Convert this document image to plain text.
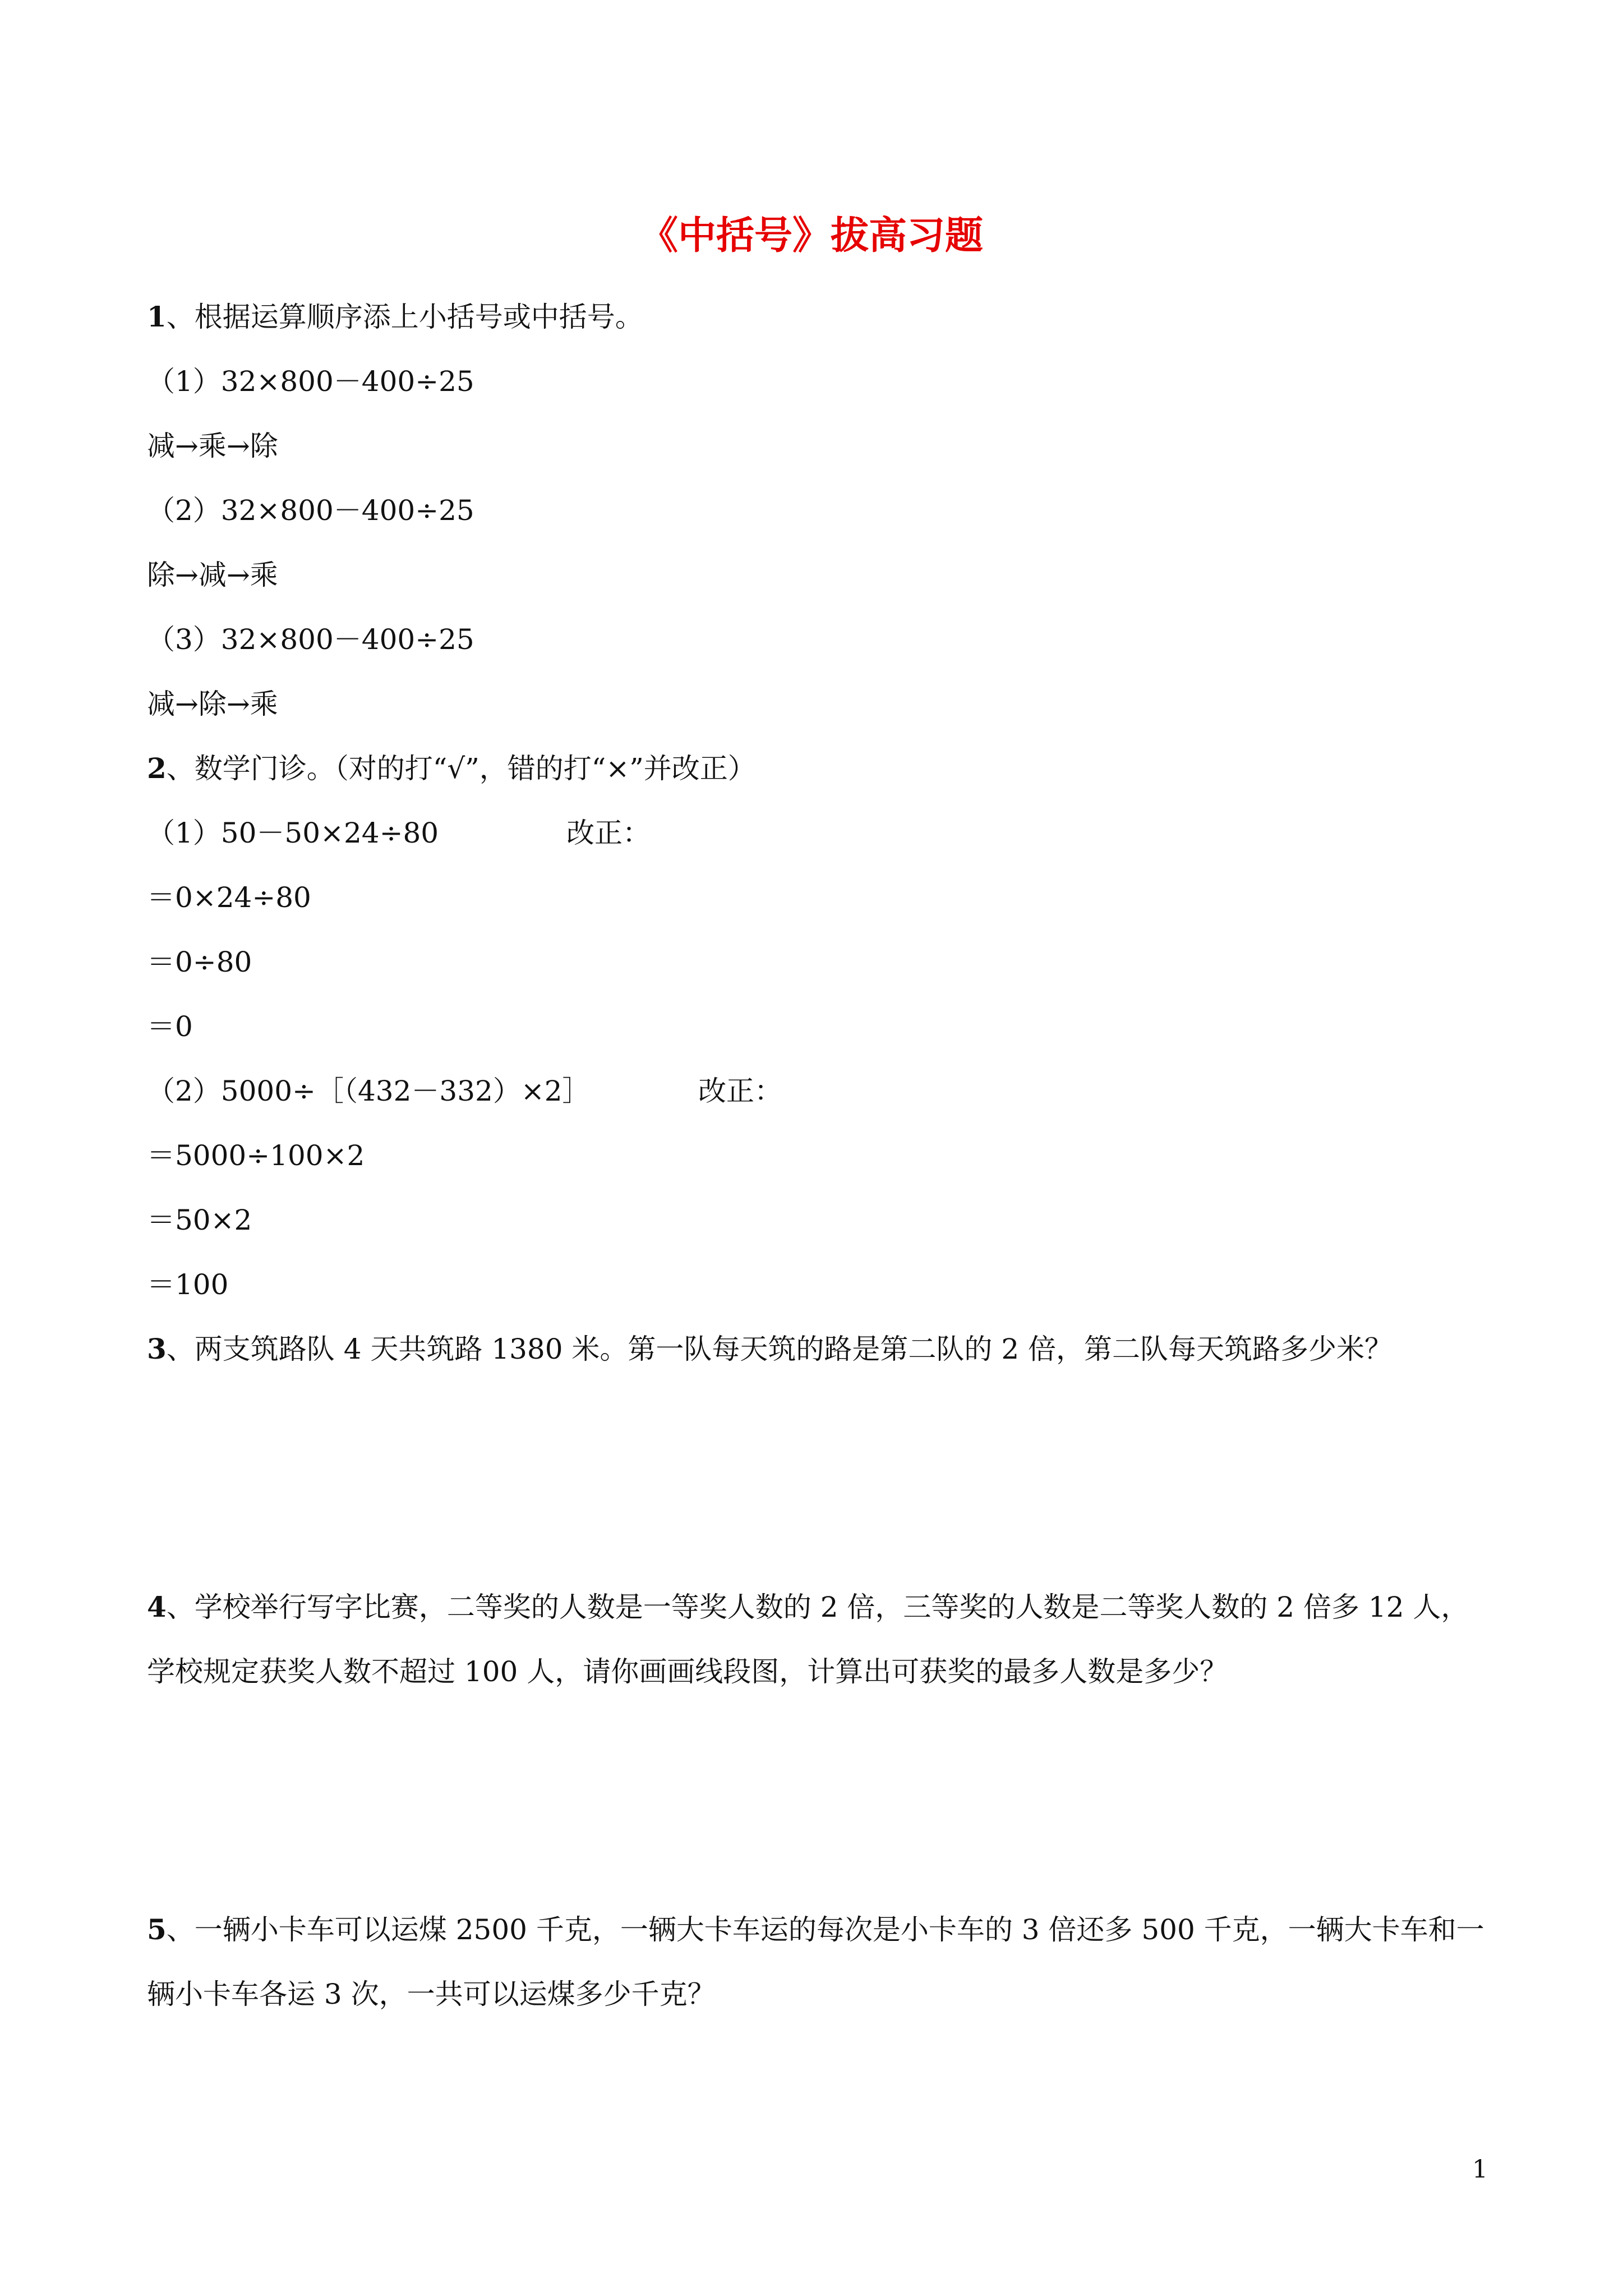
《中括号》拔高习题
1、根据运算顺序添上小括号或中括号。
（1）32×800－400÷25
减→乘→除
（2）32×800－400÷25
除→减→乘
（3）32×800－400÷25
减→除→乘
2、数学门诊。（对的打“√”，错的打“×”并改正）
（1）50－50×24÷80	改正：
＝0×24÷80
＝0÷80
＝0
（2）5000÷［（432－332）×2］	改正：
＝5000÷100×2
＝50×2
＝100
3、两支筑路队 4 天共筑路 1380 米。第一队每天筑的路是第二队的 2 倍，第二队每天筑路多少米？
4、学校举行写字比赛，二等奖的人数是一等奖人数的 2 倍，三等奖的人数是二等奖人数的 2 倍多 12 人，
学校规定获奖人数不超过 100 人，请你画画线段图，计算出可获奖的最多人数是多少？
5、一辆小卡车可以运煤 2500 千克，一辆大卡车运的每次是小卡车的 3 倍还多 500 千克，一辆大卡车和一
辆小卡车各运 3 次，一共可以运煤多少千克？
1
